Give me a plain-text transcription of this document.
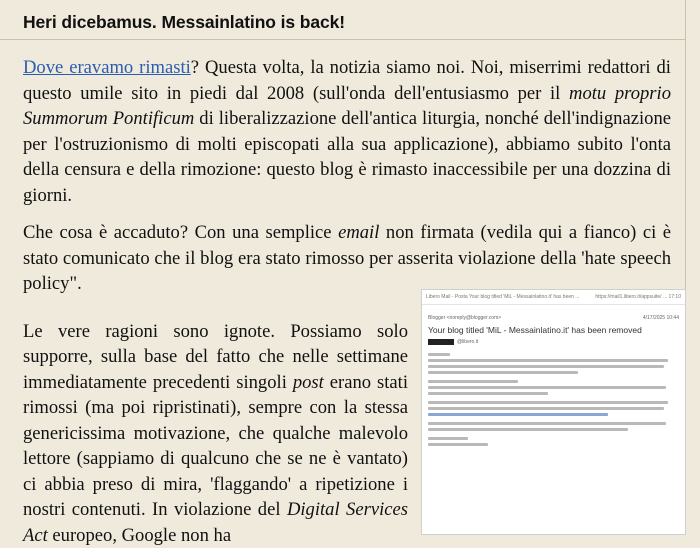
Heri dicebamus. Messainlatino is back!

Dove eravamo rimasti? Questa volta, la notizia siamo noi. Noi, miserrimi redattori di questo umile sito in piedi dal 2008 (sull'onda dell'entusiasmo per il motu proprio Summorum Pontificum di liberalizzazione dell'antica liturgia, nonché dell'indignazione per l'ostruzionismo di molti episcopati alla sua applicazione), abbiamo subito l'onta della censura e della rimozione: questo blog è rimasto inaccessibile per una dozzina di giorni.

Che cosa è accaduto? Con una semplice email non firmata (vedila qui a fianco) ci è stato comunicato che il blog era stato rimosso per asserita violazione della 'hate speech policy".

Le vere ragioni sono ignote. Possiamo solo supporre, sulla base del fatto che nelle settimane immediatamente precedenti singoli post erano stati rimossi (ma poi ripristinati), sempre con la stessa genericissima motivazione, che qualche malevolo lettore (sappiamo di qualcuno che se ne è vantato) ci abbia preso di mira, 'flaggando' a ripetizione i nostri contenuti. In violazione del Digital Services Act europeo, Google non ha

Libero Mail - Posta Your blog titled 'MiL - Messainlatino.it' has been ...	https://mail1.libero.it/appsuite/ ... 17:10
Blogger <noreply@blogger.com>	4/17/2025 10:44
Your blog titled 'MiL - Messainlatino.it' has been removed
@libero.it
